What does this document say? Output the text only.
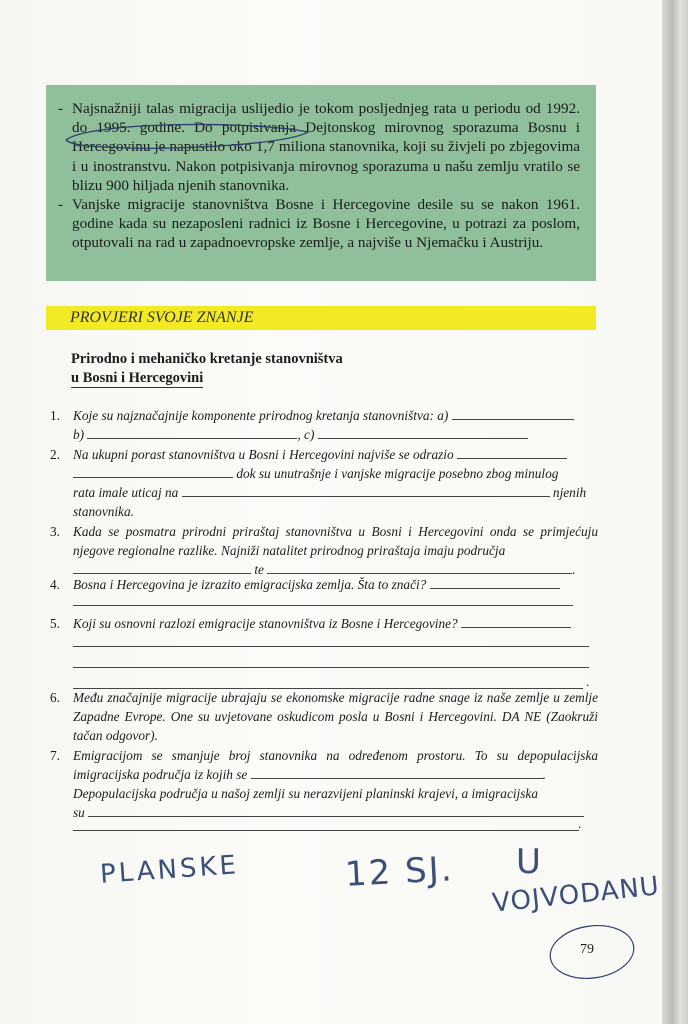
- Najsnažniji talas migracija uslijedio je tokom posljednjeg rata u periodu od 1992. do 1995. godine. Do potpisivanja Dejtonskog mirovnog sporazuma Bosnu i Hercegovinu je napustilo oko 1,7 miliona stanovnika, koji su živjeli po zbjegovima i u inostranstvu. Nakon potpisivanja mirovnog sporazuma u našu zemlju vratilo se blizu 900 hiljada njenih stanovnika.

- Vanjske migracije stanovništva Bosne i Hercegovine desile su se nakon 1961. godine kada su nezaposleni radnici iz Bosne i Hercegovine, u potrazi za poslom, otputovali na rad u zapadnoevropske zemlje, a najviše u Njemačku i Austriju.

PROVJERI SVOJE ZNANJE
Prirodno i mehaničko kretanje stanovništva
u Bosni i Hercegovini
1. Koje su najznačajnije komponente prirodnog kretanja stanovništva: a)
b)	, c)
2. Na ukupni porast stanovništva u Bosni i Hercegovini najviše se odrazio
dok su unutrašnje i vanjske migracije posebno zbog minulog
rata imale uticaj na	njenih
stanovnika.
3. Kada se posmatra prirodni priraštaj stanovništva u Bosni i Hercegovini onda se primjećuju njegove regionalne razlike. Najniži natalitet prirodnog priraštaja imaju područja
te	.
4. Bosna i Hercegovina je izrazito emigracijska zemlja. Šta to znači?
5. Koji su osnovni razlozi emigracije stanovništva iz Bosne i Hercegovine?
.
6. Među značajnije migracije ubrajaju se ekonomske migracije radne snage iz naše zemlje u zemlje Zapadne Evrope. One su uvjetovane oskudicom posla u Bosni i Hercegovini. DA NE (Zaokruži tačan odgovor).
7. Emigracijom se smanjuje broj stanovnika na određenom prostoru. To su depopulacijska imigracijska područja iz kojih se	.
Depopulacijska područja u našoj zemlji su nerazvijeni planinski krajevi, a imigracijska
su
.
PLANSKE	12 SJ. U
VOJVODANU
79
